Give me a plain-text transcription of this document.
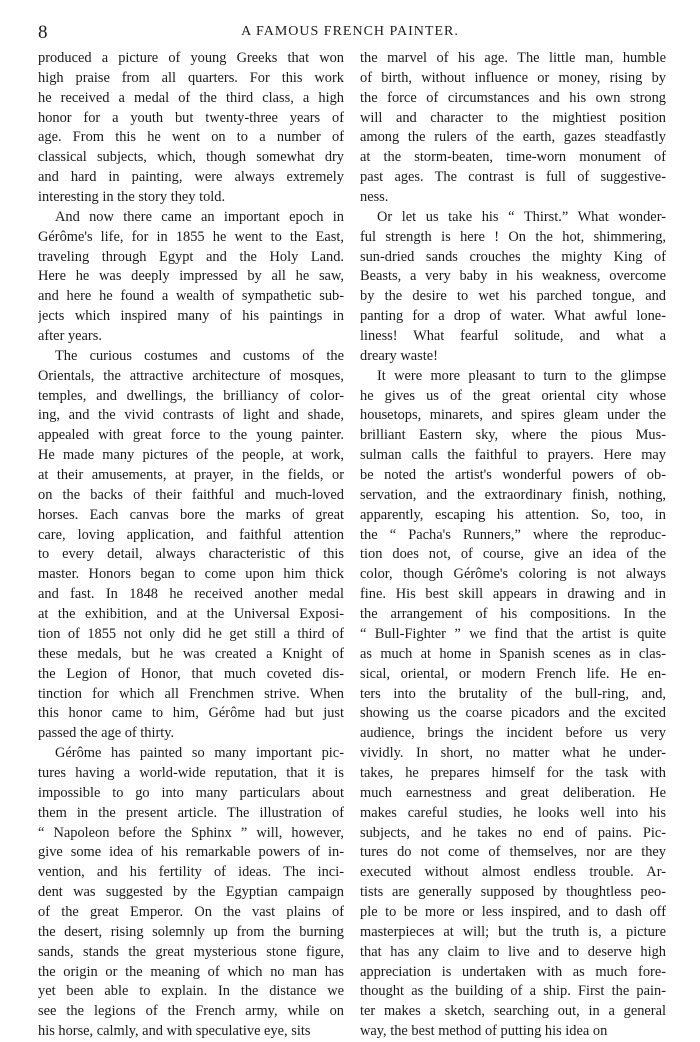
8	A FAMOUS FRENCH PAINTER.
produced a picture of young Greeks that won
high praise from all quarters. For this work
he received a medal of the third class, a high
honor for a youth but twenty-three years of
age. From this he went on to a number of
classical subjects, which, though somewhat dry
and hard in painting, were always extremely
interesting in the story they told.
And now there came an important epoch in
Gérôme's life, for in 1855 he went to the East,
traveling through Egypt and the Holy Land.
Here he was deeply impressed by all he saw,
and here he found a wealth of sympathetic sub-
jects which inspired many of his paintings in
after years.
The curious costumes and customs of the
Orientals, the attractive architecture of mosques,
temples, and dwellings, the brilliancy of color-
ing, and the vivid contrasts of light and shade,
appealed with great force to the young painter.
He made many pictures of the people, at work,
at their amusements, at prayer, in the fields, or
on the backs of their faithful and much-loved
horses. Each canvas bore the marks of great
care, loving application, and faithful attention
to every detail, always characteristic of this
master. Honors began to come upon him thick
and fast. In 1848 he received another medal
at the exhibition, and at the Universal Exposi-
tion of 1855 not only did he get still a third of
these medals, but he was created a Knight of
the Legion of Honor, that much coveted dis-
tinction for which all Frenchmen strive. When
this honor came to him, Gérôme had but just
passed the age of thirty.
Gérôme has painted so many important pic-
tures having a world-wide reputation, that it is
impossible to go into many particulars about
them in the present article. The illustration of
“ Napoleon before the Sphinx ” will, however,
give some idea of his remarkable powers of in-
vention, and his fertility of ideas. The inci-
dent was suggested by the Egyptian campaign
of the great Emperor. On the vast plains of
the desert, rising solemnly up from the burning
sands, stands the great mysterious stone figure,
the origin or the meaning of which no man has
yet been able to explain. In the distance we
see the legions of the French army, while on
his horse, calmly, and with speculative eye, sits
the marvel of his age. The little man, humble
of birth, without influence or money, rising by
the force of circumstances and his own strong
will and character to the mightiest position
among the rulers of the earth, gazes steadfastly
at the storm-beaten, time-worn monument of
past ages. The contrast is full of suggestive-
ness.
Or let us take his “ Thirst.” What wonder-
ful strength is here ! On the hot, shimmering,
sun-dried sands crouches the mighty King of
Beasts, a very baby in his weakness, overcome
by the desire to wet his parched tongue, and
panting for a drop of water. What awful lone-
liness! What fearful solitude, and what a
dreary waste!
It were more pleasant to turn to the glimpse
he gives us of the great oriental city whose
housetops, minarets, and spires gleam under the
brilliant Eastern sky, where the pious Mus-
sulman calls the faithful to prayers. Here may
be noted the artist's wonderful powers of ob-
servation, and the extraordinary finish, nothing,
apparently, escaping his attention. So, too, in
the “ Pacha's Runners,” where the reproduc-
tion does not, of course, give an idea of the
color, though Gérôme's coloring is not always
fine. His best skill appears in drawing and in
the arrangement of his compositions. In the
“ Bull-Fighter ” we find that the artist is quite
as much at home in Spanish scenes as in clas-
sical, oriental, or modern French life. He en-
ters into the brutality of the bull-ring, and,
showing us the coarse picadors and the excited
audience, brings the incident before us very
vividly. In short, no matter what he under-
takes, he prepares himself for the task with
much earnestness and great deliberation. He
makes careful studies, he looks well into his
subjects, and he takes no end of pains. Pic-
tures do not come of themselves, nor are they
executed without almost endless trouble. Ar-
tists are generally supposed by thoughtless peo-
ple to be more or less inspired, and to dash off
masterpieces at will; but the truth is, a picture
that has any claim to live and to deserve high
appreciation is undertaken with as much fore-
thought as the building of a ship. First the pain-
ter makes a sketch, searching out, in a general
way, the best method of putting his idea on
